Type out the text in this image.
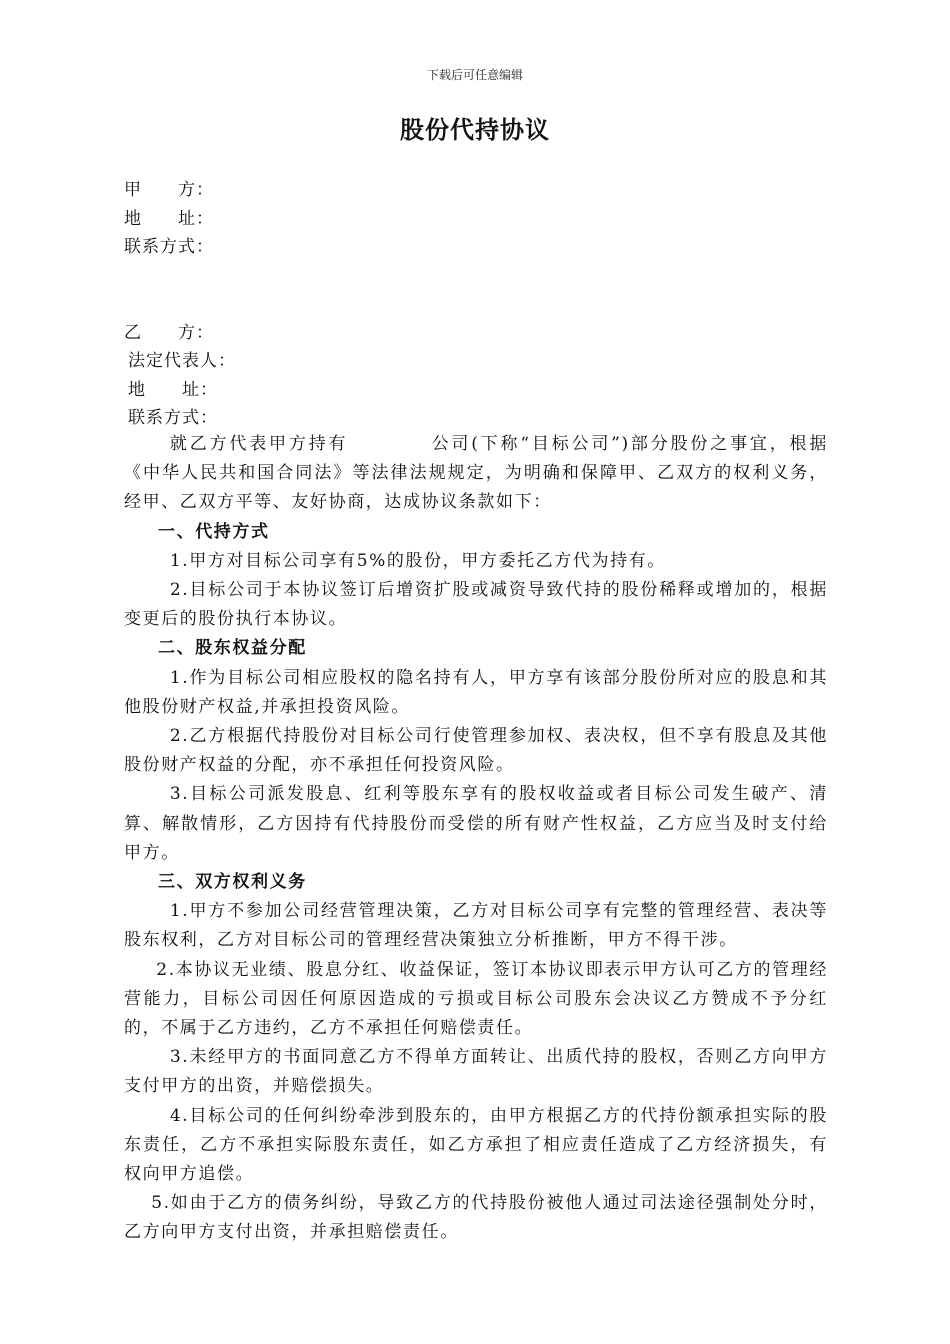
下载后可任意编辑
股份代持协议
甲　　方：
地　　址：
联系方式：
乙　　方：
法定代表人：
地　　址：
联系方式：

就乙方代表甲方持有	公司(下称“目标公司”)部分股份之事宜，根据《中华人民共和国合同法》等法律法规规定，为明确和保障甲、乙双方的权利义务，经甲、乙双方平等、友好协商，达成协议条款如下：

一、代持方式

1.甲方对目标公司享有5%的股份，甲方委托乙方代为持有。

2.目标公司于本协议签订后增资扩股或减资导致代持的股份稀释或增加的，根据变更后的股份执行本协议。

二、股东权益分配

1.作为目标公司相应股权的隐名持有人，甲方享有该部分股份所对应的股息和其他股份财产权益,并承担投资风险。

2.乙方根据代持股份对目标公司行使管理参加权、表决权，但不享有股息及其他股份财产权益的分配，亦不承担任何投资风险。

3.目标公司派发股息、红利等股东享有的股权收益或者目标公司发生破产、清算、解散情形，乙方因持有代持股份而受偿的所有财产性权益，乙方应当及时支付给甲方。

三、双方权利义务

1.甲方不参加公司经营管理决策，乙方对目标公司享有完整的管理经营、表决等股东权利，乙方对目标公司的管理经营决策独立分析推断，甲方不得干涉。

2.本协议无业绩、股息分红、收益保证，签订本协议即表示甲方认可乙方的管理经营能力，目标公司因任何原因造成的亏损或目标公司股东会决议乙方赞成不予分红的，不属于乙方违约，乙方不承担任何赔偿责任。

3.未经甲方的书面同意乙方不得单方面转让、出质代持的股权，否则乙方向甲方支付甲方的出资，并赔偿损失。

4.目标公司的任何纠纷牵涉到股东的，由甲方根据乙方的代持份额承担实际的股东责任，乙方不承担实际股东责任，如乙方承担了相应责任造成了乙方经济损失，有权向甲方追偿。

5.如由于乙方的债务纠纷，导致乙方的代持股份被他人通过司法途径强制处分时，乙方向甲方支付出资，并承担赔偿责任。
